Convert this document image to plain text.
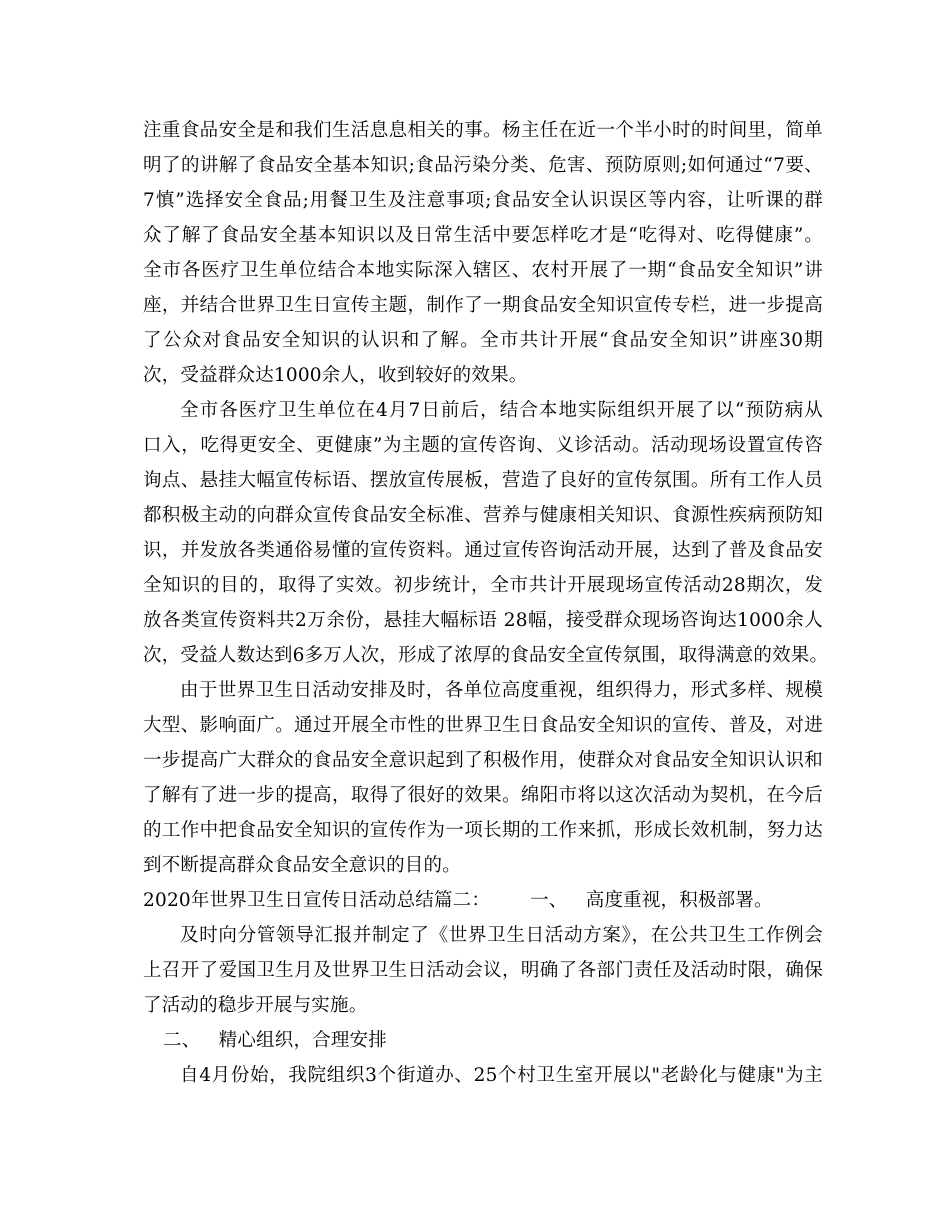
注重食品安全是和我们生活息息相关的事。杨主任在近一个半小时的时间里，简单
明了的讲解了食品安全基本知识;食品污染分类、危害、预防原则;如何通过“7要、
7慎”选择安全食品;用餐卫生及注意事项;食品安全认识误区等内容，让听课的群
众了解了食品安全基本知识以及日常生活中要怎样吃才是“吃得对、吃得健康”。
全市各医疗卫生单位结合本地实际深入辖区、农村开展了一期“食品安全知识”讲
座，并结合世界卫生日宣传主题，制作了一期食品安全知识宣传专栏，进一步提高
了公众对食品安全知识的认识和了解。全市共计开展“食品安全知识”讲座30期
次，受益群众达1000余人，收到较好的效果。
全市各医疗卫生单位在4月7日前后，结合本地实际组织开展了以“预防病从
口入，吃得更安全、更健康”为主题的宣传咨询、义诊活动。活动现场设置宣传咨
询点、悬挂大幅宣传标语、摆放宣传展板，营造了良好的宣传氛围。所有工作人员
都积极主动的向群众宣传食品安全标准、营养与健康相关知识、食源性疾病预防知
识，并发放各类通俗易懂的宣传资料。通过宣传咨询活动开展，达到了普及食品安
全知识的目的，取得了实效。初步统计，全市共计开展现场宣传活动28期次，发
放各类宣传资料共2万余份，悬挂大幅标语 28幅，接受群众现场咨询达1000余人
次，受益人数达到6多万人次，形成了浓厚的食品安全宣传氛围，取得满意的效果。
由于世界卫生日活动安排及时，各单位高度重视，组织得力，形式多样、规模
大型、影响面广。通过开展全市性的世界卫生日食品安全知识的宣传、普及，对进
一步提高广大群众的食品安全意识起到了积极作用，使群众对食品安全知识认识和
了解有了进一步的提高，取得了很好的效果。绵阳市将以这次活动为契机，在今后
的工作中把食品安全知识的宣传作为一项长期的工作来抓，形成长效机制，努力达
到不断提高群众食品安全意识的目的。
2020年世界卫生日宣传日活动总结篇二： 一、 高度重视，积极部署。
及时向分管领导汇报并制定了《世界卫生日活动方案》，在公共卫生工作例会
上召开了爱国卫生月及世界卫生日活动会议，明确了各部门责任及活动时限，确保
了活动的稳步开展与实施。
二、 精心组织，合理安排
自4月份始，我院组织3个街道办、25个村卫生室开展以"老龄化与健康"为主
